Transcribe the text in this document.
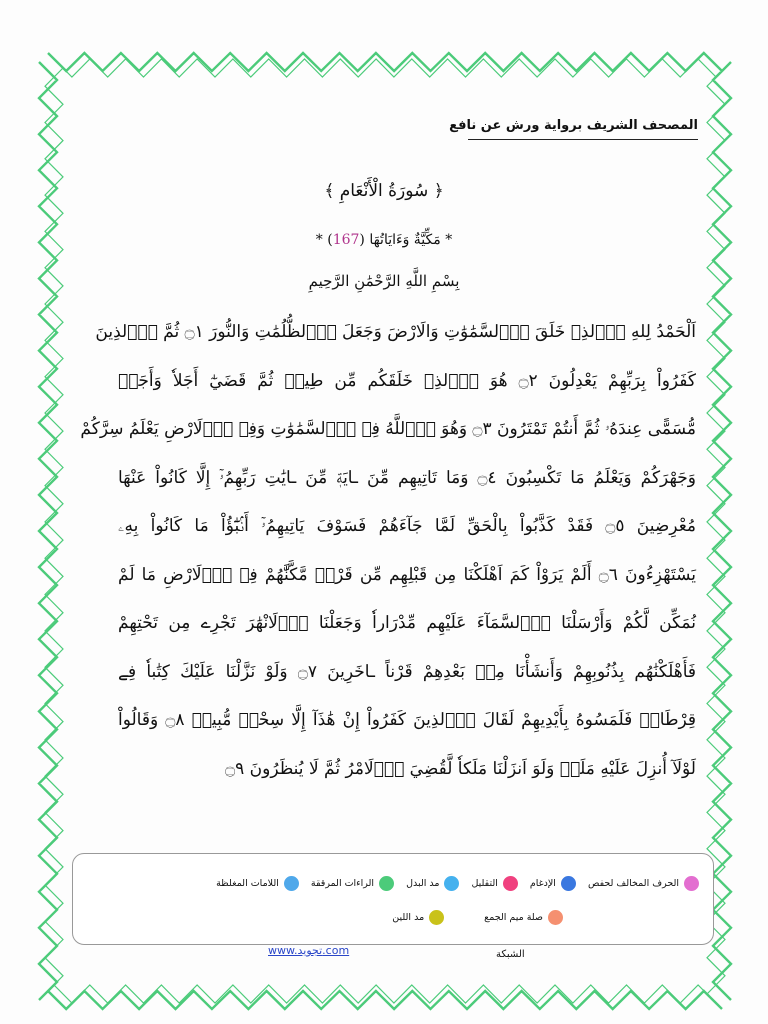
المصحف الشريف برواية ورش عن نافع
﴿ سُورَةُ الْأَنْعَامِ ﴾
* مَكِّيَّةٌ وَءَايَاتُهَا (167) *
بِسْمِ اللَّهِ الرَّحْمَٰنِ الرَّحِيمِ
اَلْحَمْدُ لِلهِ اِ۬لذِے خَلَقَ اَ۬لسَّمَٰوَٰتِ وَالَارْضَ وَجَعَلَ اَ۬لظُّلُمَٰتِ وَالنُّورَ ۝١ ثُمَّ اَ۬لذِينَ
كَفَرُواْ بِرَبِّهِمْ يَعْدِلُونَ ۝٢ هُوَ اَ۬لذِے خَلَقَكُم مِّن طِينٖ ثُمَّ قَضَيٰٓ أَجَلاٗ وَأَجَلٞ
مُّسَمًّى عِندَهُۥ ثُمَّ أَنتُمْ تَمْتَرُونَ ۝٣ وَهُوَ اَ۬للَّهُ فِے اِ۬لسَّمَٰوَٰتِ وَفِے اِ۬لَارْضِ يَعْلَمُ سِرَّكُمْ
وَجَهْرَكُمْ وَيَعْلَمُ مَا تَكْسِبُونَ ۝٤ وَمَا تَاتِيهِم مِّنَ ـايَةٖ مِّنَ ـايَٰتِ رَبِّهِمُۥٓ إِلَّا كَانُواْ عَنْهَا
مُعْرِضِينَ ۝٥ فَقَدْ كَذَّبُواْ بِالْحَقِّ لَمَّا جَآءَهُمْ فَسَوْفَ يَاتِيهِمُۥٓ أَنۢبَٰٓؤُاْ مَا كَانُواْ بِهِۦ
يَسْتَهْزِءُونَ ۝٦ أَلَمْ يَرَوْاْ كَمَ اَهْلَكْنَا مِن قَبْلِهِم مِّن قَرْنٖ مَّكَّنَّٰهُمْ فِے اِ۬لَارْضِ مَا لَمْ
نُمَكِّن لَّكُمْ وَأَرْسَلْنَا اَ۬لسَّمَآءَ عَلَيْهِم مِّدْرَاراٗ وَجَعَلْنَا اَ۬لَانْهَٰرَ تَجْرِے مِن تَحْتِهِمْ
فَأَهْلَكْنَٰهُم بِذُنُوبِهِمْ وَأَنشَأْنَا مِنۢ بَعْدِهِمْ قَرْناً ـاخَرِينَ ۝٧ وَلَوْ نَزَّلْنَا عَلَيْكَ كِتَٰباٗ فِے
قِرْطَاسٖ فَلَمَسُوهُ بِأَيْدِيهِمْ لَقَالَ اَ۬لذِينَ كَفَرُواْ إِنْ هَٰذَآ إِلَّا سِحْرٞ مُّبِينٞ ۝٨ وَقَالُواْ
لَوْلَآ أُنزِلَ عَلَيْهِ مَلَكٞ وَلَوَ اَنزَلْنَا مَلَكاٗ لَّقُضِيَ اَ۬لَامْرُ ثُمَّ لَا يُنظَرُونَ ۝٩
الحرف المخالف لحفص
الإدغام
التقليل
مد البدل
الراءات المرققة
اللامات المغلظة
صلة ميم الجمع
مد اللين
www.تجويد.com	الشبكة
